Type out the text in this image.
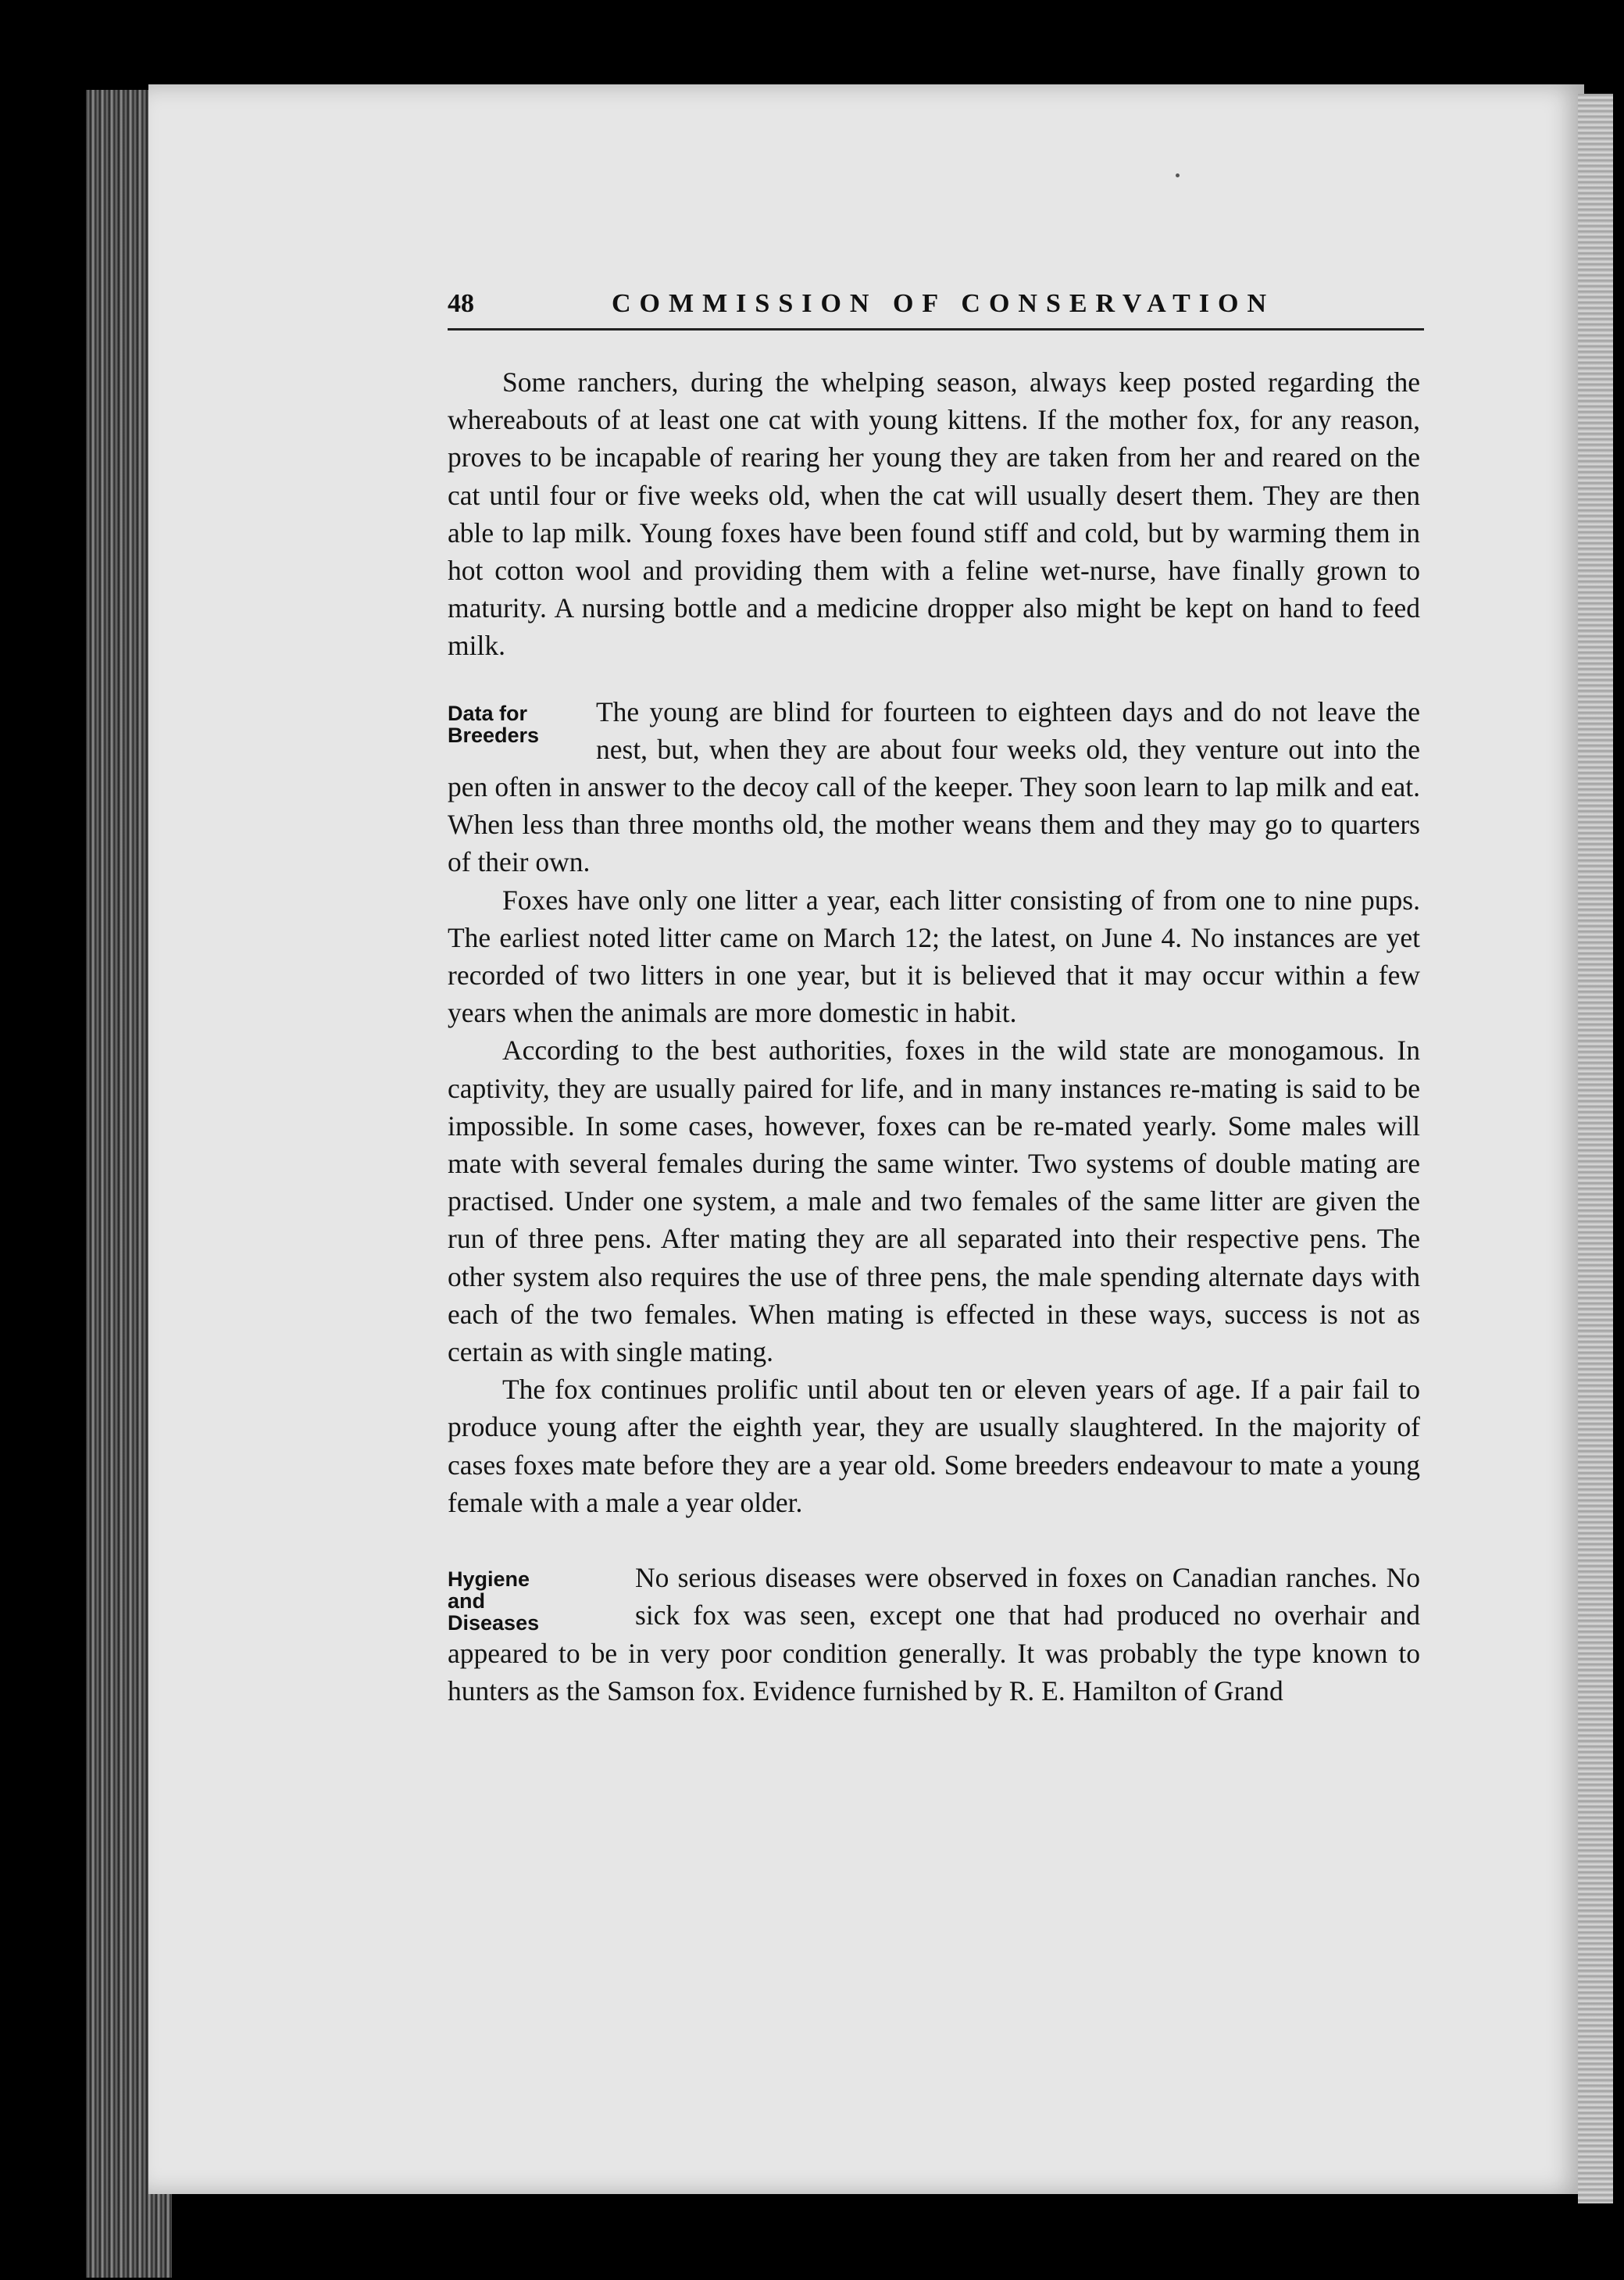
48	COMMISSION OF CONSERVATION

Some ranchers, during the whelping season, always keep posted regarding the whereabouts of at least one cat with young kittens. If the mother fox, for any reason, proves to be incapable of rearing her young they are taken from her and reared on the cat until four or five weeks old, when the cat will usually desert them. They are then able to lap milk. Young foxes have been found stiff and cold, but by warming them in hot cotton wool and providing them with a feline wet-nurse, have finally grown to maturity. A nursing bottle and a medicine dropper also might be kept on hand to feed milk.

Data for
Breeders
The young are blind for fourteen to eighteen days and do not leave the nest, but, when they are about four weeks old, they venture out into the pen often in answer to the decoy call of the keeper. They soon learn to lap milk and eat. When less than three months old, the mother weans them and they may go to quarters of their own.

Foxes have only one litter a year, each litter consisting of from one to nine pups. The earliest noted litter came on March 12; the latest, on June 4. No instances are yet recorded of two litters in one year, but it is believed that it may occur within a few years when the animals are more domestic in habit.

According to the best authorities, foxes in the wild state are monogamous. In captivity, they are usually paired for life, and in many instances re-mating is said to be impossible. In some cases, however, foxes can be re-mated yearly. Some males will mate with several females during the same winter. Two systems of double mating are practised. Under one system, a male and two females of the same litter are given the run of three pens. After mating they are all separated into their respective pens. The other system also requires the use of three pens, the male spending alternate days with each of the two females. When mating is effected in these ways, success is not as certain as with single mating.

The fox continues prolific until about ten or eleven years of age. If a pair fail to produce young after the eighth year, they are usually slaughtered. In the majority of cases foxes mate before they are a year old. Some breeders endeavour to mate a young female with a male a year older.

Hygiene
and
Diseases
No serious diseases were observed in foxes on Canadian ranches. No sick fox was seen, except one that had produced no overhair and appeared to be in very poor condition generally. It was probably the type known to hunters as the Samson fox. Evidence furnished by R. E. Hamilton of Grand
